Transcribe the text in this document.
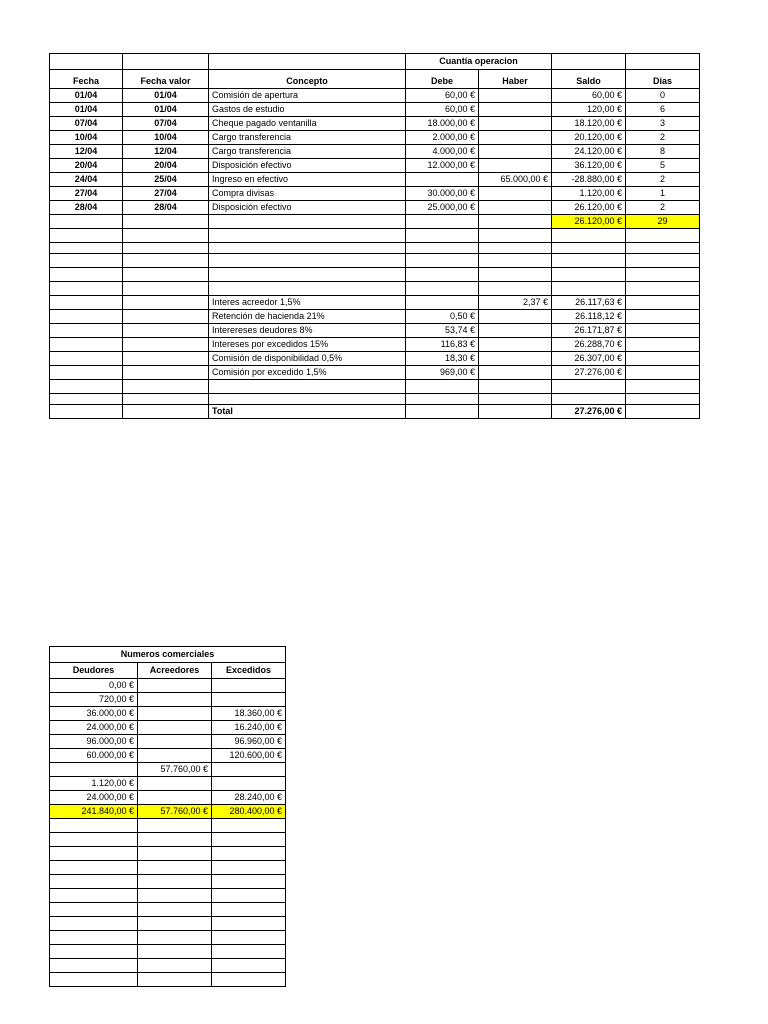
			Cuantía operacion			
Fecha	Fecha valor	Concepto	Debe	Haber	Saldo	Dias
01/04	01/04	Comisión de apertura	60,00 €		60,00 €	0
01/04	01/04	Gastos de estudio	60,00 €		120,00 €	6
07/04	07/04	Cheque pagado ventanilla	18.000,00 €		18.120,00 €	3
10/04	10/04	Cargo transferencia	2.000,00 €		20.120,00 €	2
12/04	12/04	Cargo transferencia	4.000,00 €		24.120,00 €	8
20/04	20/04	Disposición efectivo	12.000,00 €		36.120,00 €	5
24/04	25/04	Ingreso en efectivo		65.000,00 €	-28.880,00 €	2
27/04	27/04	Compra divisas	30.000,00 €		1.120,00 €	1
28/04	28/04	Disposición efectivo	25.000,00 €		26.120,00 €	2
					26.120,00 €	29

		Interes acreedor 1,5%		2,37 €	26.117,63 €	
		Retención de hacienda 21%	0,50 €		26.118,12 €	
		Interereses deudores 8%	53,74 €		26.171,87 €	
		Intereses por excedidos 15%	116,83 €		26.288,70 €	
		Comisión de disponibilidad 0,5%	18,30 €		26.307,00 €	
		Comisión por excedido 1,5%	969,00 €		27.276,00 €	

		Total			27.276,00 €	
Numeros comerciales		
Deudores	Acreedores	Excedidos
0,00 €		
720,00 €		
36.000,00 €		18.360,00 €
24.000,00 €		16.240,00 €
96.000,00 €		96.960,00 €
60.000,00 €		120.600,00 €
	57.760,00 €	
1.120,00 €		
24.000,00 €		28.240,00 €
241.840,00 €	57.760,00 €	280.400,00 €
